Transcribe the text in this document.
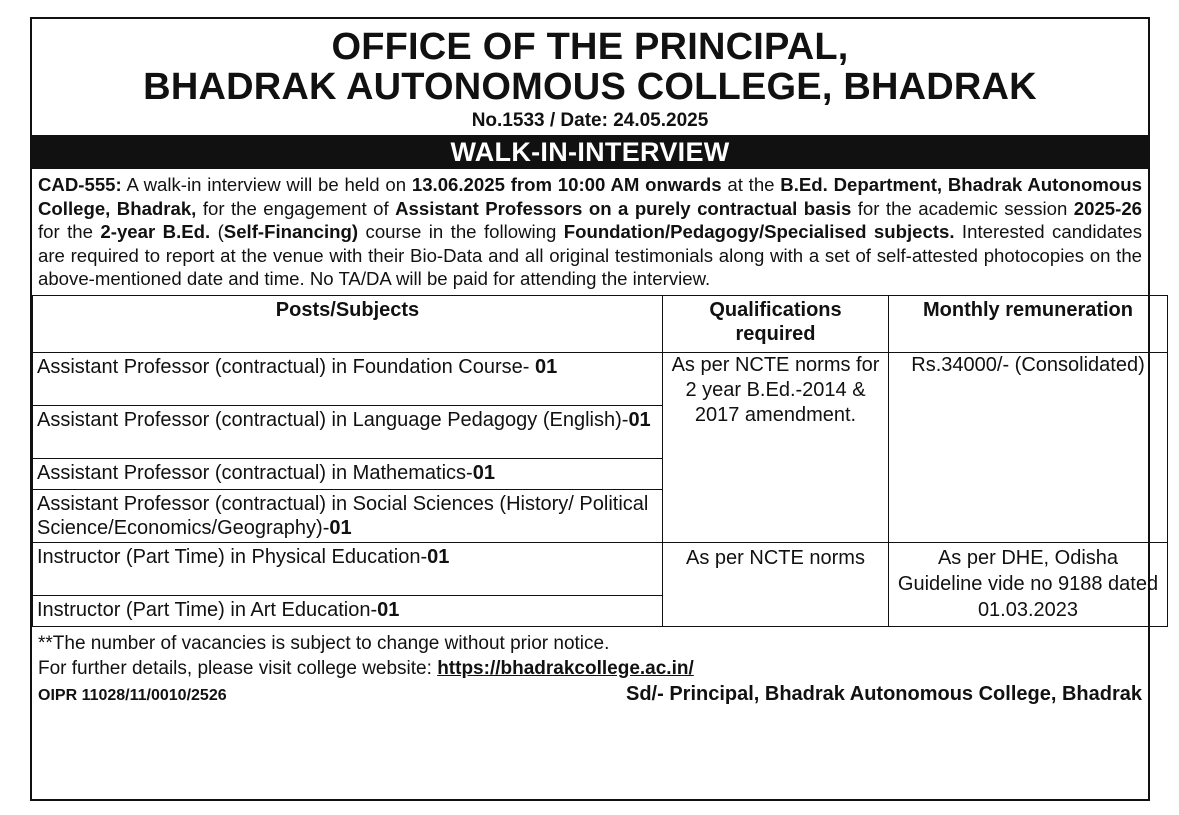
OFFICE OF THE PRINCIPAL,
BHADRAK AUTONOMOUS COLLEGE, BHADRAK
No.1533 / Date: 24.05.2025
WALK-IN-INTERVIEW
CAD-555: A walk-in interview will be held on 13.06.2025 from 10:00 AM onwards at the B.Ed. Department, Bhadrak Autonomous College, Bhadrak, for the engagement of Assistant Professors on a purely contractual basis for the academic session 2025-26 for the 2-year B.Ed. (Self-Financing) course in the following Foundation/Pedagogy/Specialised subjects. Interested candidates are required to report at the venue with their Bio-Data and all original testimonials along with a set of self-attested photocopies on the above-mentioned date and time. No TA/DA will be paid for attending the interview.
Posts/Subjects	Qualifications required	Monthly remuneration
Assistant Professor (contractual) in Foundation Course- 01	As per NCTE norms for 2 year B.Ed.-2014 & 2017 amendment.	Rs.34000/- (Consolidated)
Assistant Professor (contractual) in Language Pedagogy (English)-01		
Assistant Professor (contractual) in Mathematics-01		
Assistant Professor (contractual) in Social Sciences (History/ Political Science/Economics/Geography)-01		
Instructor (Part Time) in Physical Education-01	As per NCTE norms	As per DHE, Odisha Guideline vide no 9188 dated 01.03.2023
Instructor (Part Time) in Art Education-01		
**The number of vacancies is subject to change without prior notice.
For further details, please visit college website: https://bhadrakcollege.ac.in/
OIPR 11028/11/0010/2526	Sd/- Principal, Bhadrak Autonomous College, Bhadrak
